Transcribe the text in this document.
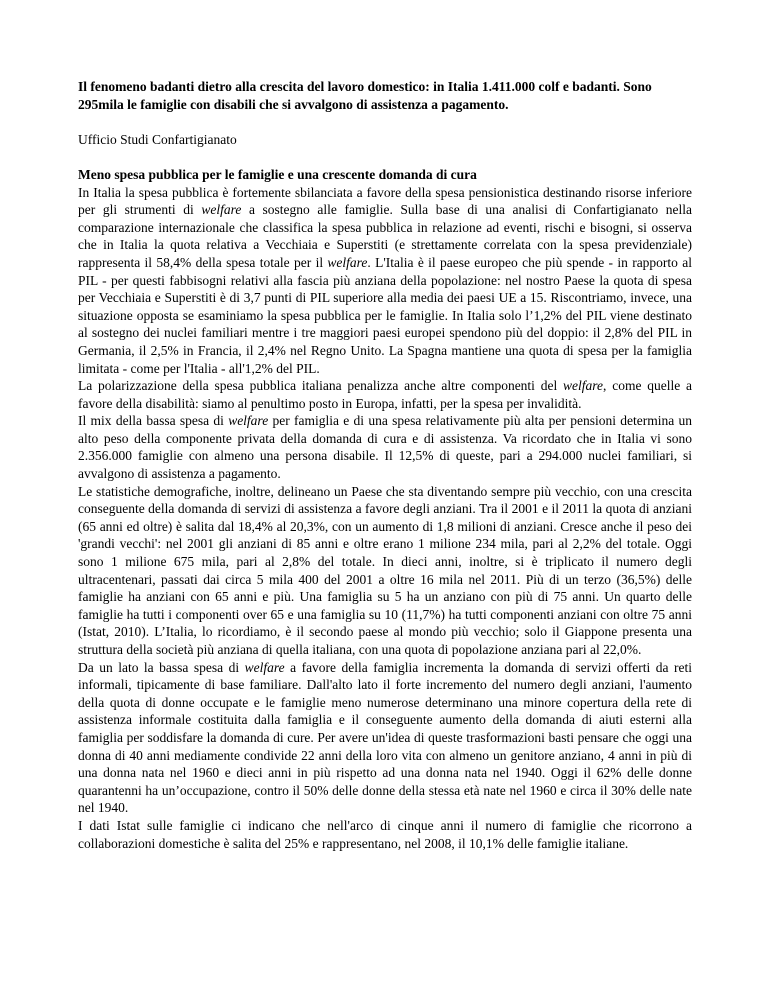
Il fenomeno badanti dietro alla crescita del lavoro domestico: in Italia 1.411.000 colf e badanti. Sono 295mila le famiglie con disabili che si avvalgono di assistenza a pagamento.

Ufficio Studi Confartigianato

Meno spesa pubblica per le famiglie e una crescente domanda di cura

In Italia la spesa pubblica è fortemente sbilanciata a favore della spesa pensionistica destinando risorse inferiore per gli strumenti di welfare a sostegno alle famiglie. Sulla base di una analisi di Confartigianato nella comparazione internazionale che classifica la spesa pubblica in relazione ad eventi, rischi e bisogni, si osserva che in Italia la quota relativa a Vecchiaia e Superstiti (e strettamente correlata con la spesa previdenziale) rappresenta il 58,4% della spesa totale per il welfare. L'Italia è il paese europeo che più spende - in rapporto al PIL - per questi fabbisogni relativi alla fascia più anziana della popolazione: nel nostro Paese la quota di spesa per Vecchiaia e Superstiti è di 3,7 punti di PIL superiore alla media dei paesi UE a 15. Riscontriamo, invece, una situazione opposta se esaminiamo la spesa pubblica per le famiglie. In Italia solo l’1,2% del PIL viene destinato al sostegno dei nuclei familiari mentre i tre maggiori paesi europei spendono più del doppio: il 2,8% del PIL in Germania, il 2,5% in Francia, il 2,4% nel Regno Unito. La Spagna mantiene una quota di spesa per la famiglia limitata - come per l'Italia - all'1,2% del PIL.

La polarizzazione della spesa pubblica italiana penalizza anche altre componenti del welfare, come quelle a favore della disabilità: siamo al penultimo posto in Europa, infatti, per la spesa per invalidità.

Il mix della bassa spesa di welfare per famiglia e di una spesa relativamente più alta per pensioni determina un alto peso della componente privata della domanda di cura e di assistenza. Va ricordato che in Italia vi sono 2.356.000 famiglie con almeno una persona disabile. Il 12,5% di queste, pari a 294.000 nuclei familiari, si avvalgono di assistenza a pagamento.

Le statistiche demografiche, inoltre, delineano un Paese che sta diventando sempre più vecchio, con una crescita conseguente della domanda di servizi di assistenza a favore degli anziani. Tra il 2001 e il 2011 la quota di anziani (65 anni ed oltre) è salita dal 18,4% al 20,3%, con un aumento di 1,8 milioni di anziani. Cresce anche il peso dei 'grandi vecchi': nel 2001 gli anziani di 85 anni e oltre erano 1 milione 234 mila, pari al 2,2% del totale. Oggi sono 1 milione 675 mila, pari al 2,8% del totale. In dieci anni, inoltre, si è triplicato il numero degli ultracentenari, passati dai circa 5 mila 400 del 2001 a oltre 16 mila nel 2011. Più di un terzo (36,5%) delle famiglie ha anziani con 65 anni e più. Una famiglia su 5 ha un anziano con più di 75 anni. Un quarto delle famiglie ha tutti i componenti over 65 e una famiglia su 10 (11,7%) ha tutti componenti anziani con oltre 75 anni (Istat, 2010). L’Italia, lo ricordiamo, è il secondo paese al mondo più vecchio; solo il Giappone presenta una struttura della società più anziana di quella italiana, con una quota di popolazione anziana pari al 22,0%.

Da un lato la bassa spesa di welfare a favore della famiglia incrementa la domanda di servizi offerti da reti informali, tipicamente di base familiare. Dall'alto lato il forte incremento del numero degli anziani, l'aumento della quota di donne occupate e le famiglie meno numerose determinano una minore copertura della rete di assistenza informale costituita dalla famiglia e il conseguente aumento della domanda di aiuti esterni alla famiglia per soddisfare la domanda di cure. Per avere un'idea di queste trasformazioni basti pensare che oggi una donna di 40 anni mediamente condivide 22 anni della loro vita con almeno un genitore anziano, 4 anni in più di una donna nata nel 1960 e dieci anni in più rispetto ad una donna nata nel 1940. Oggi il 62% delle donne quarantenni ha un’occupazione, contro il 50% delle donne della stessa età nate nel 1960 e circa il 30% delle nate nel 1940.

I dati Istat sulle famiglie ci indicano che nell'arco di cinque anni il numero di famiglie che ricorrono a collaborazioni domestiche è salita del 25% e rappresentano, nel 2008, il 10,1% delle famiglie italiane.
